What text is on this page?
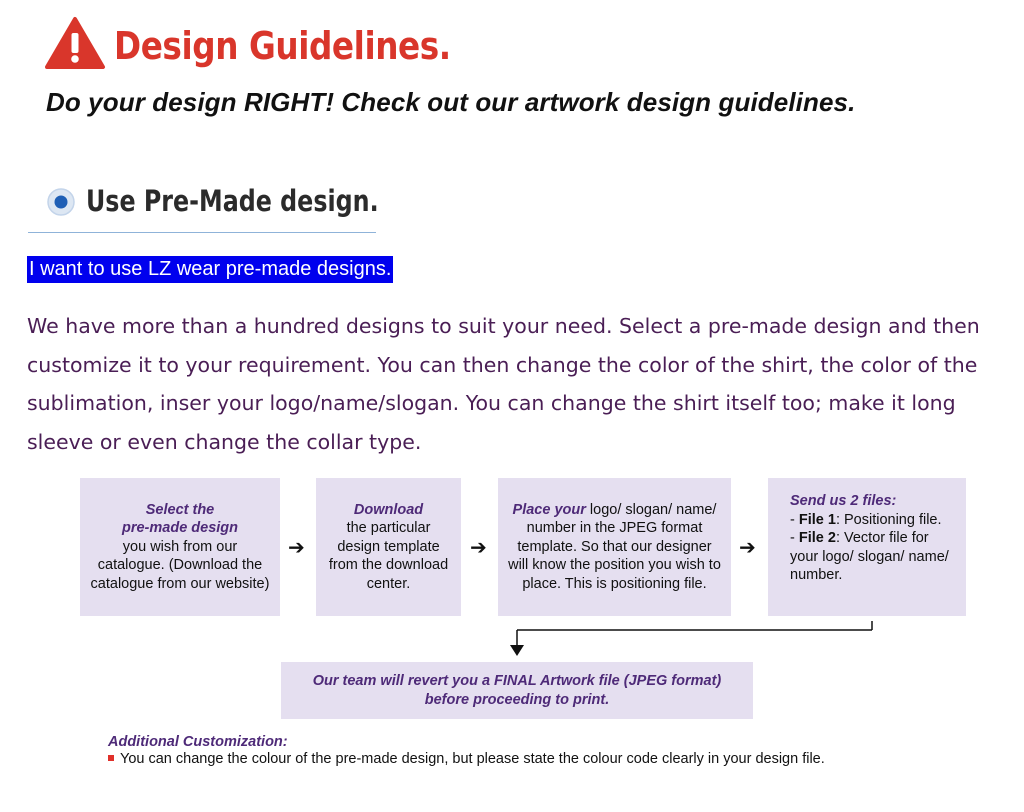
Design Guidelines.
Do your design RIGHT! Check out our artwork design guidelines.
Use Pre-Made design.
I want to use LZ wear pre-made designs.
We have more than a hundred designs to suit your need. Select a pre-made design and then customize it to your requirement. You can then change the color of the shirt, the color of the sublimation, inser your logo/name/slogan. You can change the shirt itself too; make it long sleeve or even change the collar type.
Select the
pre-made design
you wish from our catalogue. (Download the catalogue from our website)
➔
Download
the particular design template from the download center.
➔
Place your logo/ slogan/ name/ number in the JPEG format template. So that our designer will know the position you wish to place. This is positioning file.
➔
Send us 2 files:
- File 1: Positioning file.
- File 2: Vector file for your logo/ slogan/ name/ number.
Our team will revert you a FINAL Artwork file (JPEG format) before proceeding to print.
Additional Customization:
You can change the colour of the pre-made design, but please state the colour code clearly in your design file.
